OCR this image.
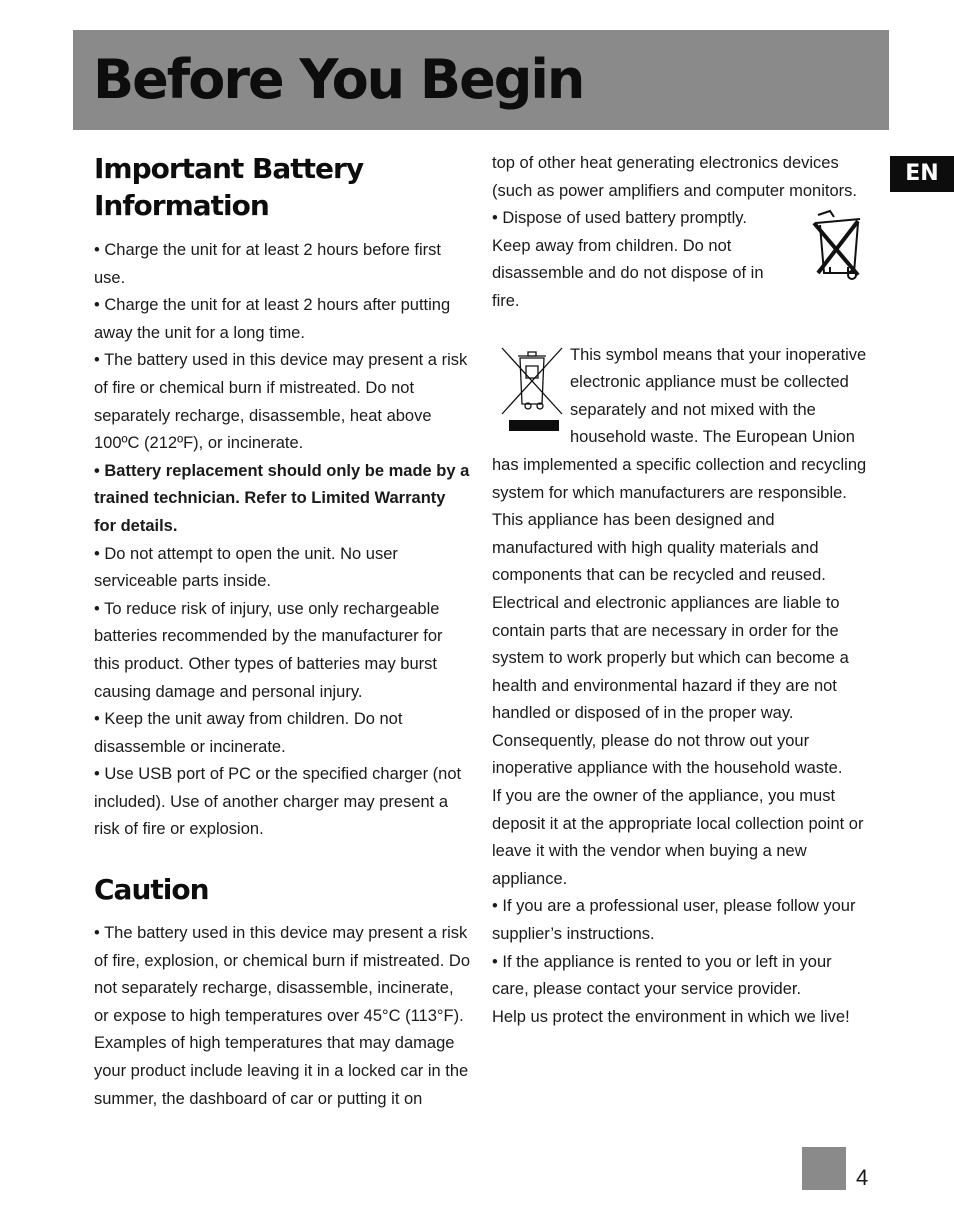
Before You Begin
EN
Important Battery
Information

• Charge the unit for at least 2 hours before first use.

• Charge the unit for at least 2 hours after putting away the unit for a long time.

• The battery used in this device may present a risk of fire or chemical burn if mistreated. Do not separately recharge, disassemble, heat above 100ºC (212ºF), or incinerate.

• Battery replacement should only be made by a trained technician. Refer to Limited Warranty for details.

• Do not attempt to open the unit. No user serviceable parts inside.

• To reduce risk of injury, use only rechargeable batteries recommended by the manufacturer for this product. Other types of batteries may burst causing damage and personal injury.

• Keep the unit away from children. Do not disassemble or incinerate.

• Use USB port of PC or the specified charger (not included). Use of another charger may present a risk of fire or explosion.

Caution

• The battery used in this device may present a risk of fire, explosion, or chemical burn if mistreated. Do not separately recharge, disassemble, incinerate, or expose to high temperatures over 45°C (113°F). Examples of high temperatures that may damage your product include leaving it in a locked car in the summer, the dashboard of car or putting it on

top of other heat generating electronics devices (such as power amplifiers and computer monitors.

• Dispose of used battery promptly. Keep away from children. Do not disassemble and do not dispose of in fire.

This symbol means that your inoperative electronic appliance must be collected separately and not mixed with the household waste. The European Union has implemented a specific collection and recycling system for which manufacturers are responsible.

This appliance has been designed and manufactured with high quality materials and components that can be recycled and reused.

Electrical and electronic appliances are liable to contain parts that are necessary in order for the system to work properly but which can become a health and environmental hazard if they are not handled or disposed of in the proper way. Consequently, please do not throw out your inoperative appliance with the household waste.

If you are the owner of the appliance, you must deposit it at the appropriate local collection point or leave it with the vendor when buying a new appliance.

• If you are a professional user, please follow your supplier’s instructions.

• If the appliance is rented to you or left in your care, please contact your service provider.

Help us protect the environment in which we live!

4
